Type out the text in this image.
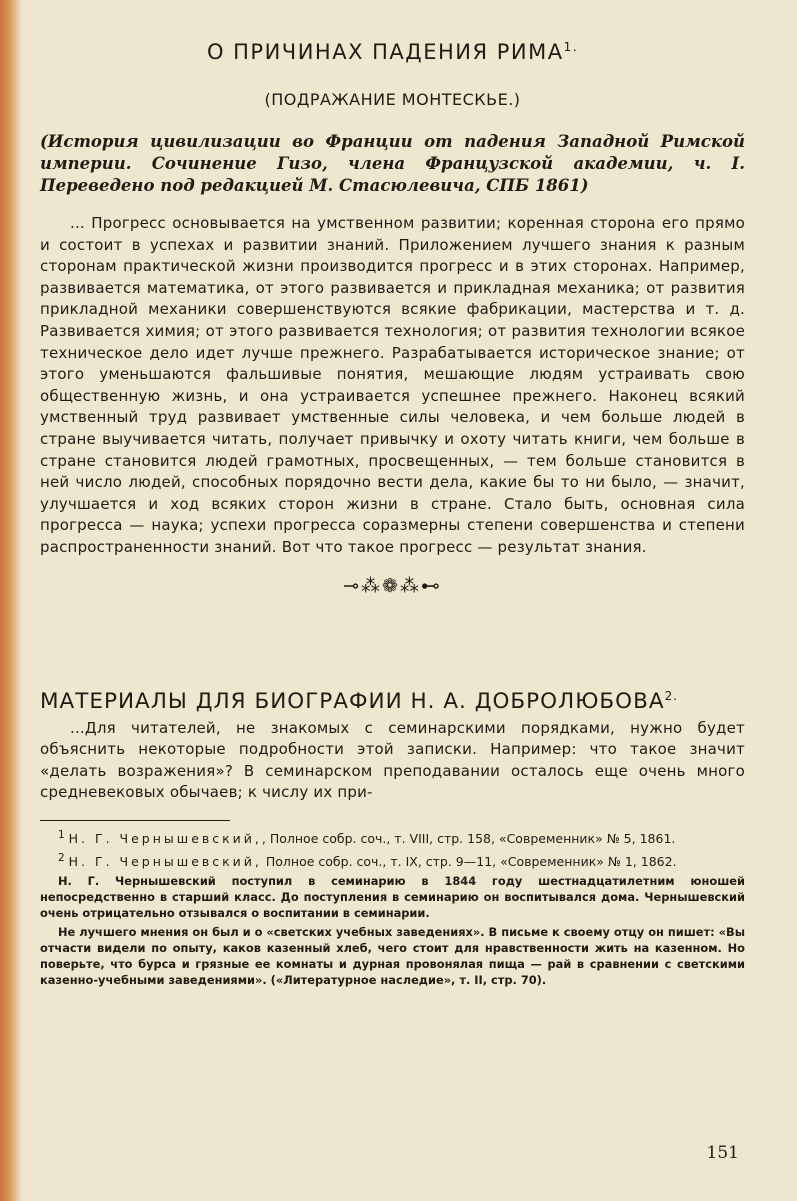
О ПРИЧИНАХ ПАДЕНИЯ $РИМА^{1.}$
(ПОДРАЖАНИЕ МОНТЕСКЬЕ.)

(История цивилизации во Франции от падения Западной Римской империи. Сочинение Гизо, члена Французской академии, ч. I. Переведено под редакцией М. Стасюлевича, СПБ 1861)

... Прогресс основывается на умственном развитии; коренная сторона его прямо и состоит в успехах и развитии знаний. Приложением лучшего знания к разным сторонам практической жизни производится прогресс и в этих сторонах. Например, развивается математика, от этого развивается и прикладная механика; от развития прикладной механики совершенствуются всякие фабрикации, мастерства и т. д. Развивается химия; от этого развивается технология; от развития технологии всякое техническое дело идет лучше прежнего. Разрабатывается историческое знание; от этого уменьшаются фальшивые понятия, мешающие людям устраивать свою общественную жизнь, и она устраивается успешнее прежнего. Наконец всякий умственный труд развивает умственные силы человека, и чем больше людей в стране выучивается читать, получает привычку и охоту читать книги, чем больше в стране становится людей грамотных, просвещенных, — тем больше становится в ней число людей, способных порядочно вести дела, какие бы то ни было, — значит, улучшается и ход всяких сторон жизни в стране. Стало быть, основная сила прогресса — наука; успехи прогресса соразмерны степени совершенства и степени распространенности знаний. Вот что такое прогресс — результат знания.

⊸⁂❁⁂⊷
МАТЕРИАЛЫ ДЛЯ БИОГРАФИИ Н. А. $ДОБРОЛЮБОВА^{2.}$

...Для читателей, не знакомых с семинарскими порядками, нужно будет объяснить некоторые подробности этой записки. Например: что такое значит «делать возражения»? В семинарском преподавании осталось еще очень много средневековых обычаев; к числу их при-

$^1$ Н. Г. Чернышевский,, Полное собр. соч., т. VIII, стр. 158, «Современник» № 5, 1861.

$^2$ Н. Г. Чернышевский, Полное собр. соч., т. IX, стр. 9—11, «Современник» № 1, 1862.

Н. Г. Чернышевский поступил в семинарию в 1844 году шестнадцатилетним юношей непосредственно в старший класс. До поступления в семинарию он воспитывался дома. Чернышевский очень отрицательно отзывался о воспитании в семинарии.

Не лучшего мнения он был и о «светских учебных заведениях». В письме к своему отцу он пишет: «Вы отчасти видели по опыту, каков казенный хлеб, чего стоит для нравственности жить на казенном. Но поверьте, что бурса и грязные ее комнаты и дурная провонялая пища — рай в сравнении с светскими казенно-учебными заведениями». («Литературное наследие», т. II, стр. 70).

151
